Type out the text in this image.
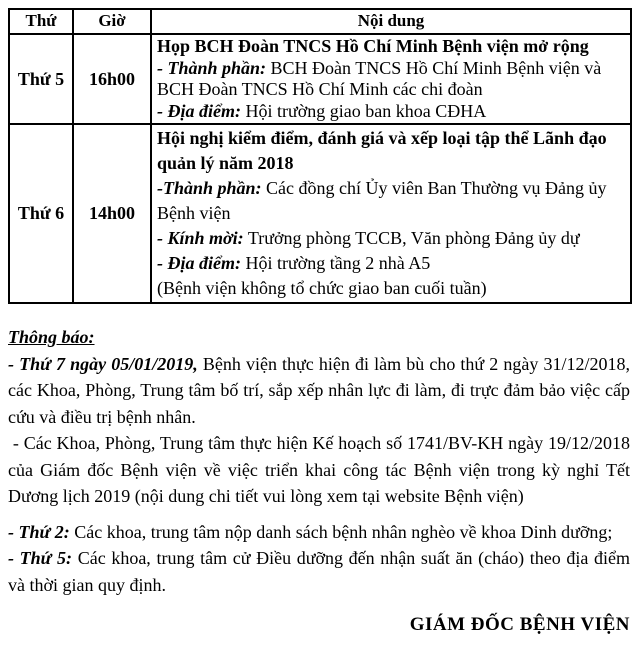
Thứ	Giờ	Nội dung
Thứ 5	16h00	Họp BCH Đoàn TNCS Hồ Chí Minh Bệnh viện mở rộng
- Thành phần: BCH Đoàn TNCS Hồ Chí Minh Bệnh viện và BCH Đoàn TNCS Hồ Chí Minh các chi đoàn
- Địa điểm: Hội trường giao ban khoa CĐHA
Thứ 6	14h00	Hội nghị kiểm điểm, đánh giá và xếp loại tập thể Lãnh đạo quản lý năm 2018
-Thành phần: Các đồng chí Ủy viên Ban Thường vụ Đảng ủy Bệnh viện
- Kính mời: Trưởng phòng TCCB, Văn phòng Đảng ủy dự
- Địa điểm: Hội trường tầng 2 nhà A5
(Bệnh viện không tổ chức giao ban cuối tuần)

Thông báo:

- Thứ 7 ngày 05/01/2019, Bệnh viện thực hiện đi làm bù cho thứ 2 ngày 31/12/2018, các Khoa, Phòng, Trung tâm bố trí, sắp xếp nhân lực đi làm, đi trực đảm bảo việc cấp cứu và điều trị bệnh nhân.

- Các Khoa, Phòng, Trung tâm thực hiện Kế hoạch số 1741/BV-KH ngày 19/12/2018 của Giám đốc Bệnh viện về việc triển khai công tác Bệnh viện trong kỳ nghỉ Tết Dương lịch 2019 (nội dung chi tiết vui lòng xem tại website Bệnh viện)

- Thứ 2: Các khoa, trung tâm nộp danh sách bệnh nhân nghèo về khoa Dinh dưỡng;

- Thứ 5: Các khoa, trung tâm cử Điều dưỡng đến nhận suất ăn (cháo) theo địa điểm và thời gian quy định.

GIÁM ĐỐC BỆNH VIỆN
